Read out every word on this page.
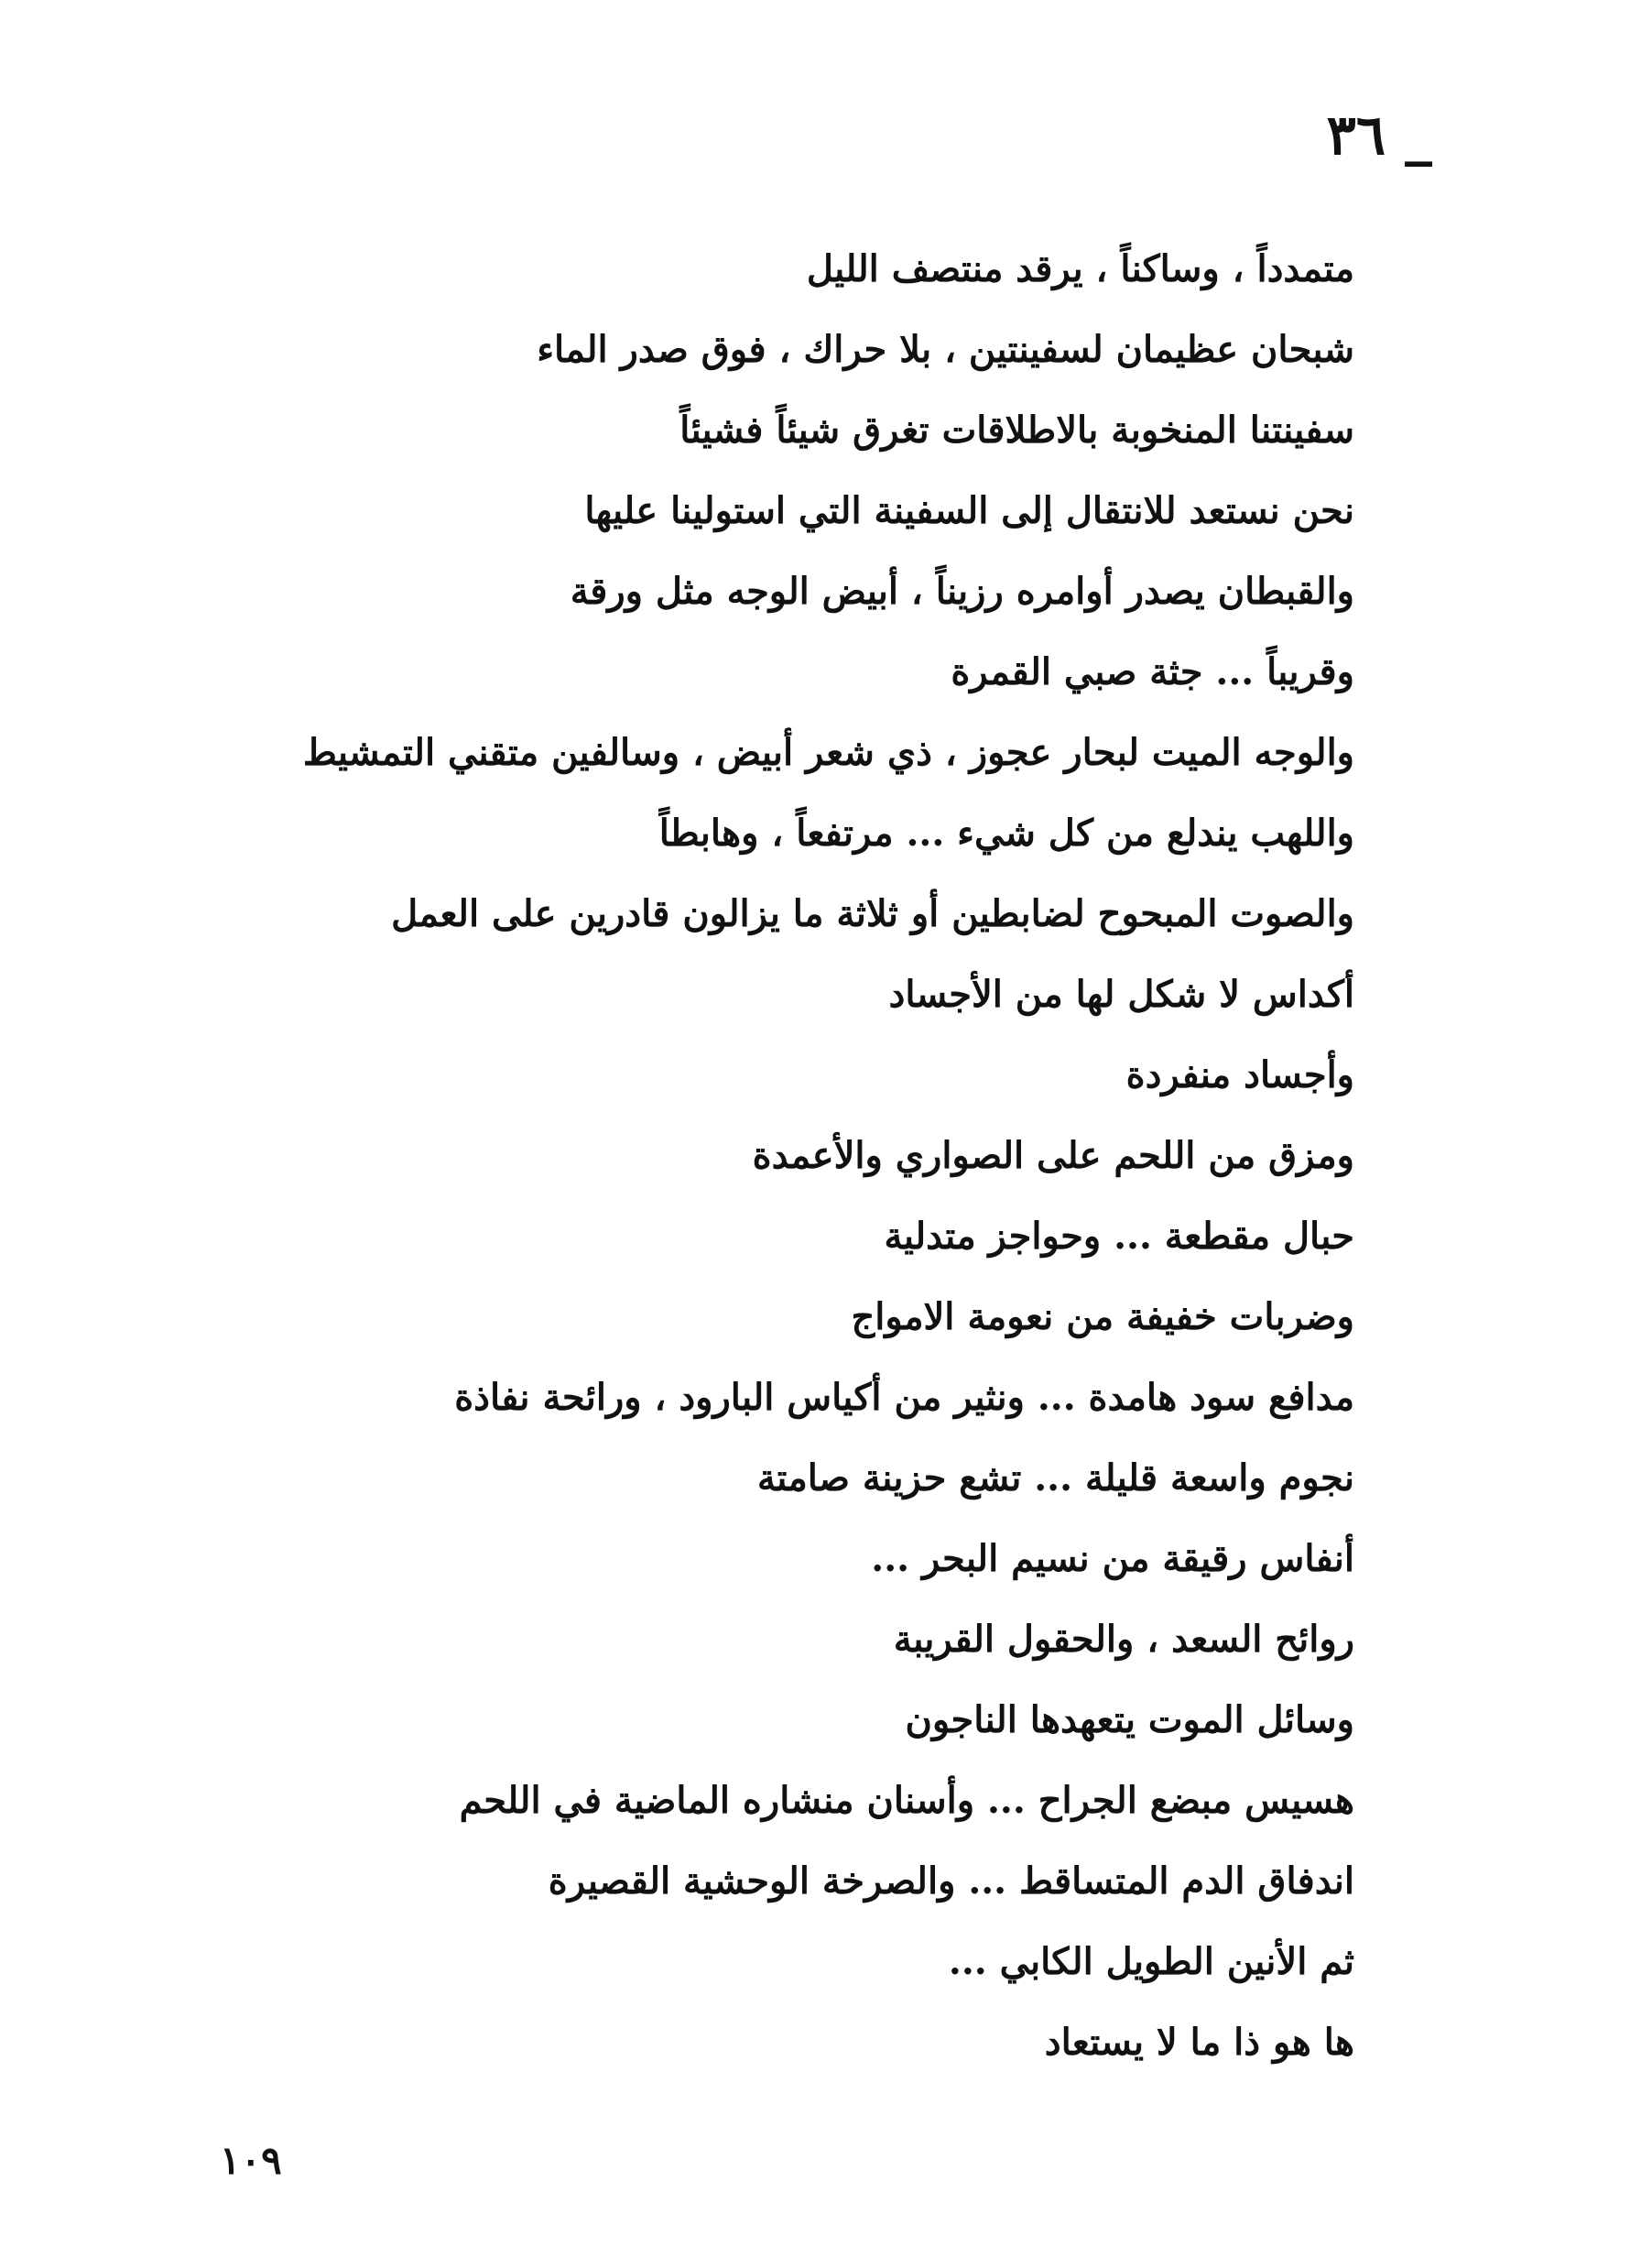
_ ٣٦
متمدداً ، وساكناً ، يرقد منتصف الليل
شبحان عظيمان لسفينتين ، بلا حراك ، فوق صدر الماء
سفينتنا المنخوبة بالاطلاقات تغرق شيئاً فشيئاً
نحن نستعد للانتقال إلى السفينة التي استولينا عليها
والقبطان يصدر أوامره رزيناً ، أبيض الوجه مثل ورقة
وقريباً ... جثة صبي القمرة
والوجه الميت لبحار عجوز ، ذي شعر أبيض ، وسالفين متقني التمشيط
واللهب يندلع من كل شيء ... مرتفعاً ، وهابطاً
والصوت المبحوح لضابطين أو ثلاثة ما يزالون قادرين على العمل
أكداس لا شكل لها من الأجساد
وأجساد منفردة
ومزق من اللحم على الصواري والأعمدة
حبال مقطعة ... وحواجز متدلية
وضربات خفيفة من نعومة الامواج
مدافع سود هامدة ... ونثير من أكياس البارود ، ورائحة نفاذة
نجوم واسعة قليلة ... تشع حزينة صامتة
أنفاس رقيقة من نسيم البحر ...
روائح السعد ، والحقول القريبة
وسائل الموت يتعهدها الناجون
هسيس مبضع الجراح ... وأسنان منشاره الماضية في اللحم
اندفاق الدم المتساقط ... والصرخة الوحشية القصيرة
ثم الأنين الطويل الكابي ...
ها هو ذا ما لا يستعاد
١٠٩
